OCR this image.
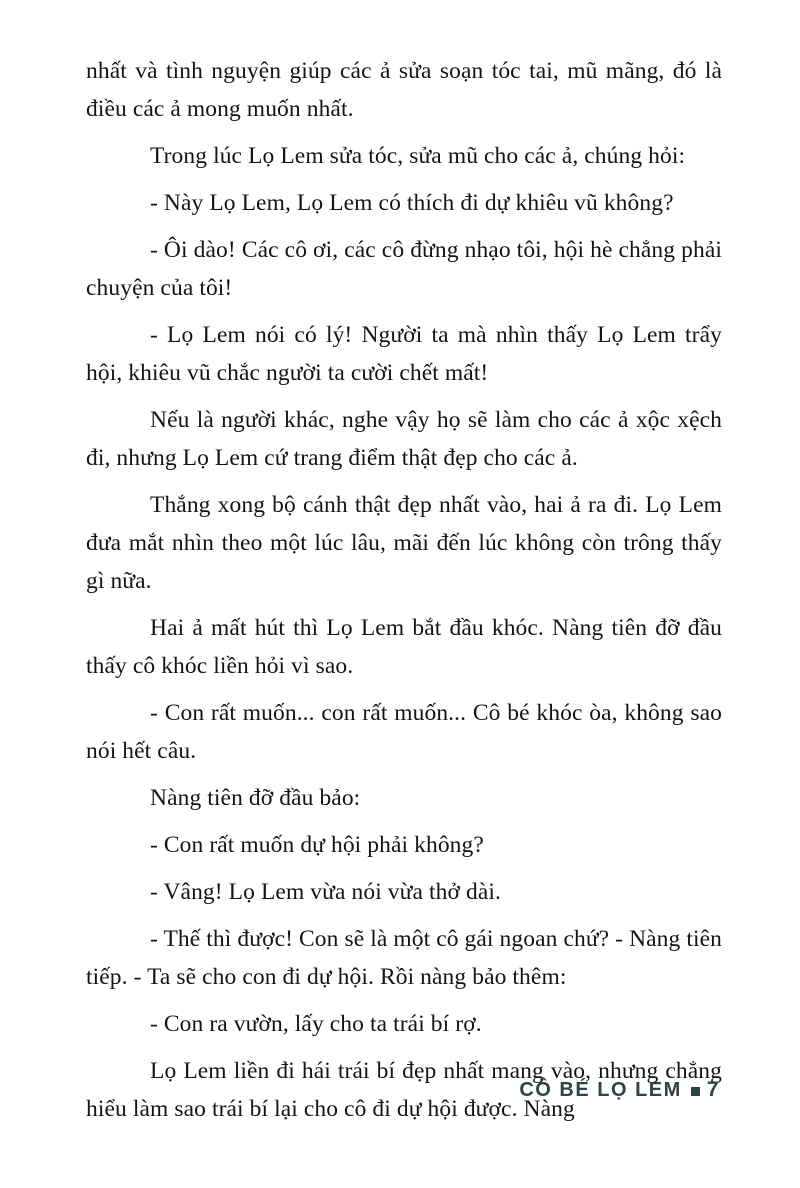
nhất và tình nguyện giúp các ả sửa soạn tóc tai, mũ mãng, đó là điều các ả mong muốn nhất.

Trong lúc Lọ Lem sửa tóc, sửa mũ cho các ả, chúng hỏi:

- Này Lọ Lem, Lọ Lem có thích đi dự khiêu vũ không?

- Ôi dào! Các cô ơi, các cô đừng nhạo tôi, hội hè chẳng phải chuyện của tôi!

- Lọ Lem nói có lý! Người ta mà nhìn thấy Lọ Lem trẩy hội, khiêu vũ chắc người ta cười chết mất!

Nếu là người khác, nghe vậy họ sẽ làm cho các ả xộc xệch đi, nhưng Lọ Lem cứ trang điểm thật đẹp cho các ả.

Thắng xong bộ cánh thật đẹp nhất vào, hai ả ra đi. Lọ Lem đưa mắt nhìn theo một lúc lâu, mãi đến lúc không còn trông thấy gì nữa.

Hai ả mất hút thì Lọ Lem bắt đầu khóc. Nàng tiên đỡ đầu thấy cô khóc liền hỏi vì sao.

- Con rất muốn... con rất muốn... Cô bé khóc òa, không sao nói hết câu.

Nàng tiên đỡ đầu bảo:

- Con rất muốn dự hội phải không?

- Vâng! Lọ Lem vừa nói vừa thở dài.

- Thế thì được! Con sẽ là một cô gái ngoan chứ? - Nàng tiên tiếp. - Ta sẽ cho con đi dự hội. Rồi nàng bảo thêm:

- Con ra vườn, lấy cho ta trái bí rợ.

Lọ Lem liền đi hái trái bí đẹp nhất mang vào, nhưng chẳng hiểu làm sao trái bí lại cho cô đi dự hội được. Nàng

CÔ BÉ LỌ LEM 7
